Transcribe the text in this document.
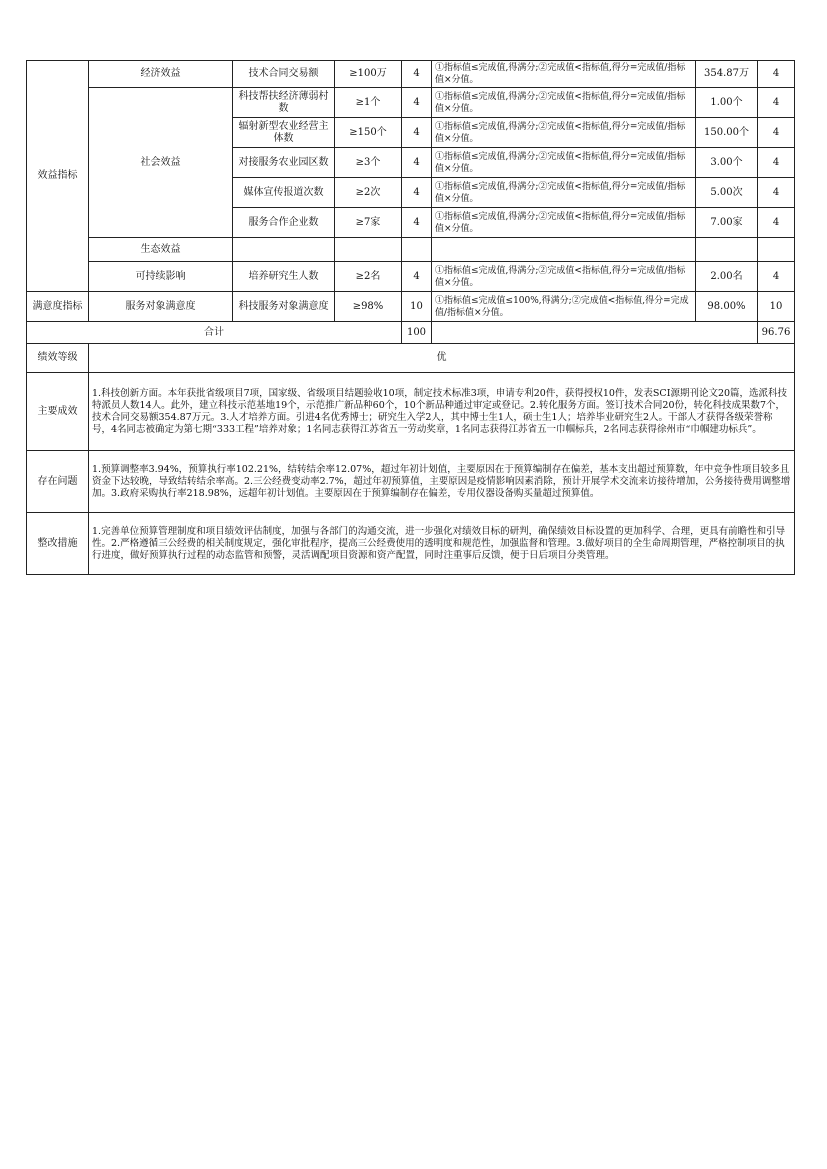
效益指标	经济效益	技术合同交易额	≥100万	4	①指标值≤完成值,得满分;②完成值<指标值,得分=完成值/指标值×分值。	354.87万	4
	社会效益	科技帮扶经济薄弱村数	≥1个	4	①指标值≤完成值,得满分;②完成值<指标值,得分=完成值/指标值×分值。	1.00个	4
		辐射新型农业经营主体数	≥150个	4	①指标值≤完成值,得满分;②完成值<指标值,得分=完成值/指标值×分值。	150.00个	4
		对接服务农业园区数	≥3个	4	①指标值≤完成值,得满分;②完成值<指标值,得分=完成值/指标值×分值。	3.00个	4
		媒体宣传报道次数	≥2次	4	①指标值≤完成值,得满分;②完成值<指标值,得分=完成值/指标值×分值。	5.00次	4
		服务合作企业数	≥7家	4	①指标值≤完成值,得满分;②完成值<指标值,得分=完成值/指标值×分值。	7.00家	4
	生态效益						
	可持续影响	培养研究生人数	≥2名	4	①指标值≤完成值,得满分;②完成值<指标值,得分=完成值/指标值×分值。	2.00名	4
满意度指标	服务对象满意度	科技服务对象满意度	≥98%	10	①指标值≤完成值≤100%,得满分;②完成值<指标值,得分=完成值/指标值×分值。	98.00%	10
合计				100			96.76
绩效等级	优						
主要成效	1.科技创新方面。本年获批省级项目7项，国家级、省级项目结题验收10项，制定技术标准3项，申请专利20件，获得授权10件，发表SCI源期刊论文20篇，选派科技特派员人数14人。此外，建立科技示范基地19个，示范推广新品种60个，10个新品种通过审定或登记。2.转化服务方面。签订技术合同20份，转化科技成果数7个，技术合同交易额354.87万元。3.人才培养方面。引进4名优秀博士；研究生入学2人，其中博士生1人，硕士生1人；培养毕业研究生2人。干部人才获得各级荣誉称号，4名同志被确定为第七期“333工程”培养对象；1名同志获得江苏省五一劳动奖章，1名同志获得江苏省五一巾帼标兵，2名同志获得徐州市“巾帼建功标兵”。						
存在问题	1.预算调整率3.94%，预算执行率102.21%，结转结余率12.07%，超过年初计划值，主要原因在于预算编制存在偏差，基本支出超过预算数，年中竞争性项目较多且资金下达较晚，导致结转结余率高。2.三公经费变动率2.7%，超过年初预算值，主要原因是疫情影响因素消除，预计开展学术交流来访接待增加，公务接待费用调整增加。3.政府采购执行率218.98%，远超年初计划值。主要原因在于预算编制存在偏差，专用仪器设备购买量超过预算值。						
整改措施	1.完善单位预算管理制度和项目绩效评估制度，加强与各部门的沟通交流，进一步强化对绩效目标的研判，确保绩效目标设置的更加科学、合理，更具有前瞻性和引导性。2.严格遵循三公经费的相关制度规定，强化审批程序，提高三公经费使用的透明度和规范性，加强监督和管理。3.做好项目的全生命周期管理，严格控制项目的执行进度，做好预算执行过程的动态监管和预警，灵活调配项目资源和资产配置，同时注重事后反馈，便于日后项目分类管理。						
